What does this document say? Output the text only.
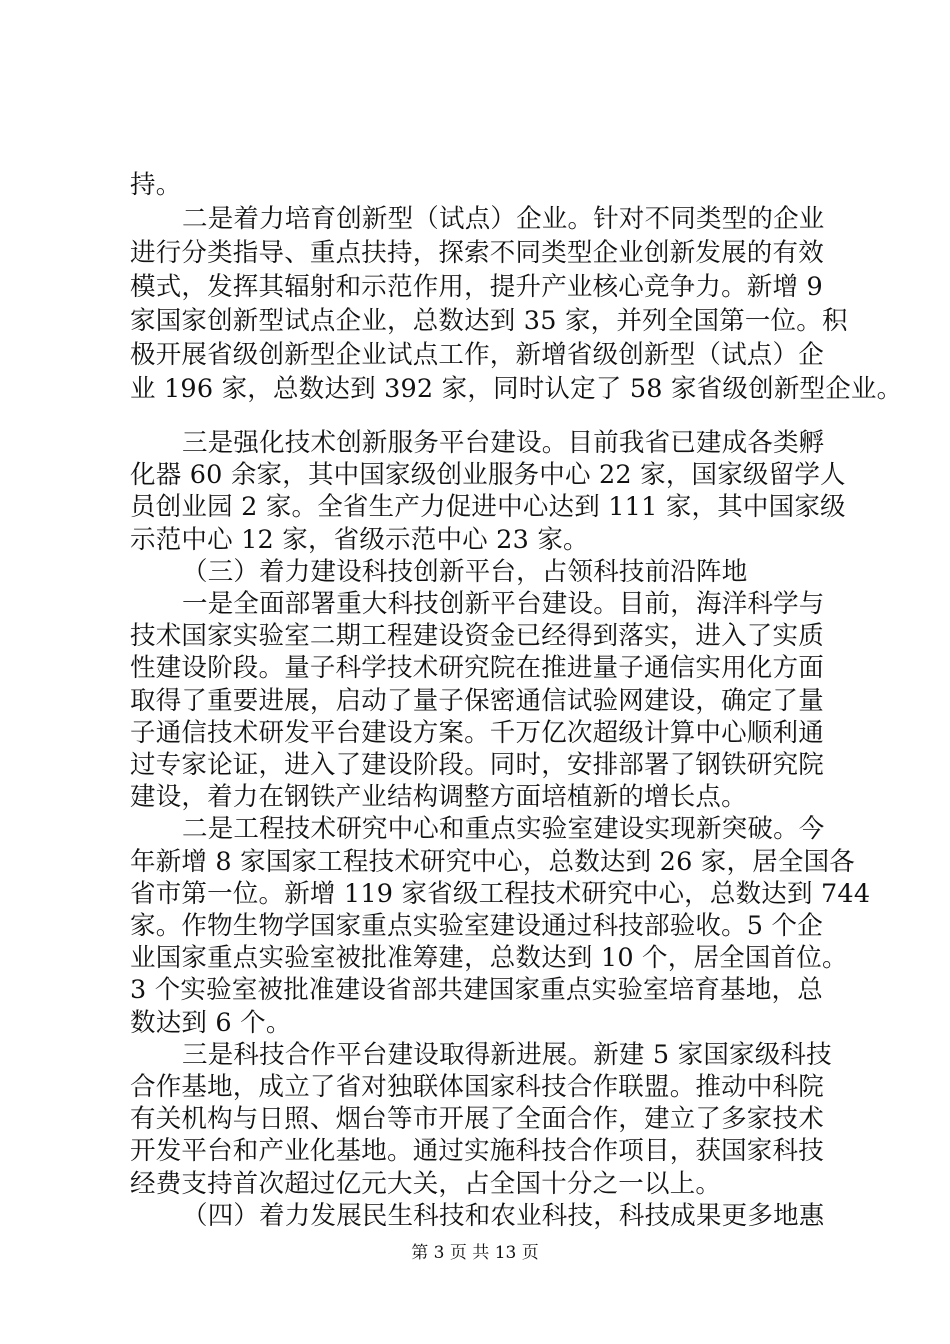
持。
二是着力培育创新型（试点）企业。针对不同类型的企业
进行分类指导、重点扶持，探索不同类型企业创新发展的有效
模式，发挥其辐射和示范作用，提升产业核心竞争力。新增 9
家国家创新型试点企业，总数达到 35 家，并列全国第一位。积
极开展省级创新型企业试点工作，新增省级创新型（试点）企
业 196 家，总数达到 392 家，同时认定了 58 家省级创新型企业。
三是强化技术创新服务平台建设。目前我省已建成各类孵
化器 60 余家，其中国家级创业服务中心 22 家，国家级留学人
员创业园 2 家。全省生产力促进中心达到 111 家，其中国家级
示范中心 12 家，省级示范中心 23 家。
（三）着力建设科技创新平台，占领科技前沿阵地
一是全面部署重大科技创新平台建设。目前，海洋科学与
技术国家实验室二期工程建设资金已经得到落实，进入了实质
性建设阶段。量子科学技术研究院在推进量子通信实用化方面
取得了重要进展，启动了量子保密通信试验网建设，确定了量
子通信技术研发平台建设方案。千万亿次超级计算中心顺利通
过专家论证，进入了建设阶段。同时，安排部署了钢铁研究院
建设，着力在钢铁产业结构调整方面培植新的增长点。
二是工程技术研究中心和重点实验室建设实现新突破。今
年新增 8 家国家工程技术研究中心，总数达到 26 家，居全国各
省市第一位。新增 119 家省级工程技术研究中心，总数达到 744
家。作物生物学国家重点实验室建设通过科技部验收。5 个企
业国家重点实验室被批准筹建，总数达到 10 个，居全国首位。
3 个实验室被批准建设省部共建国家重点实验室培育基地，总
数达到 6 个。
三是科技合作平台建设取得新进展。新建 5 家国家级科技
合作基地，成立了省对独联体国家科技合作联盟。推动中科院
有关机构与日照、烟台等市开展了全面合作，建立了多家技术
开发平台和产业化基地。通过实施科技合作项目，获国家科技
经费支持首次超过亿元大关，占全国十分之一以上。
（四）着力发展民生科技和农业科技，科技成果更多地惠
第 3 页 共 13 页
